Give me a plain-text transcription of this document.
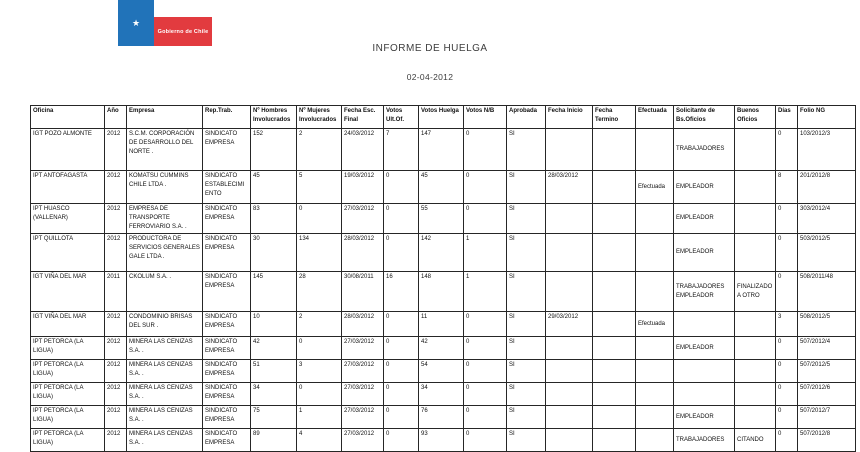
★
Gobierno de Chile
INFORME DE HUELGA
02-04-2012
Oficina	Año	Empresa	Rep.Trab.	Nº Hombres Involucrados	Nº Mujeres Involucrados	Fecha Esc. Final	Votos Ult.Of.	Votos Huelga	Votos N/B	Aprobada	Fecha Inicio	Fecha Termino	Efectuada	Solicitante de Bs.Oficios	Buenos Oficios	Días	Folio NG
IGT POZO ALMONTE	2012	S.C.M. CORPORACIÓN DE DESARROLLO DEL NORTE .	SINDICATO EMPRESA	152	2	24/03/2012	7	147	0	SI				TRABAJADORES		0	103/2012/3
IPT ANTOFAGASTA	2012	KOMATSU CUMMINS CHILE LTDA .	SINDICATO ESTABLECIMIENTO	45	5	19/03/2012	0	45	0	SI	28/03/2012		Efectuada	EMPLEADOR		8	201/2012/8
IPT HUASCO (VALLENAR)	2012	EMPRESA DE TRANSPORTE FERROVIARIO S.A. .	SINDICATO EMPRESA	83	0	27/03/2012	0	55	0	SI				EMPLEADOR		0	303/2012/4
IPT QUILLOTA	2012	PRODUCTORA DE SERVICIOS GENERALES GALE LTDA .	SINDICATO EMPRESA	30	134	28/03/2012	0	142	1	SI				EMPLEADOR		0	503/2012/5
IGT VIÑA DEL MAR	2011	CKOLUM S.A. .	SINDICATO EMPRESA	145	28	30/08/2011	16	148	1	SI				TRABAJADORES EMPLEADOR	FINALIZADO A OTRO	0	508/2011/48
IGT VIÑA DEL MAR	2012	CONDOMINIO BRISAS DEL SUR .	SINDICATO EMPRESA	10	2	28/03/2012	0	11	0	SI	29/03/2012		Efectuada			3	508/2012/5
IPT PETORCA (LA LIGUA)	2012	MINERA LAS CENIZAS S.A. .	SINDICATO EMPRESA	42	0	27/03/2012	0	42	0	SI				EMPLEADOR		0	507/2012/4
IPT PETORCA (LA LIGUA)	2012	MINERA LAS CENIZAS S.A. .	SINDICATO EMPRESA	51	3	27/03/2012	0	54	0	SI						0	507/2012/5
IPT PETORCA (LA LIGUA)	2012	MINERA LAS CENIZAS S.A. .	SINDICATO EMPRESA	34	0	27/03/2012	0	34	0	SI						0	507/2012/6
IPT PETORCA (LA LIGUA)	2012	MINERA LAS CENIZAS S.A. .	SINDICATO EMPRESA	75	1	27/03/2012	0	76	0	SI				EMPLEADOR		0	507/2012/7
IPT PETORCA (LA LIGUA)	2012	MINERA LAS CENIZAS S.A. .	SINDICATO EMPRESA	89	4	27/03/2012	0	93	0	SI				TRABAJADORES	CITANDO	0	507/2012/8
